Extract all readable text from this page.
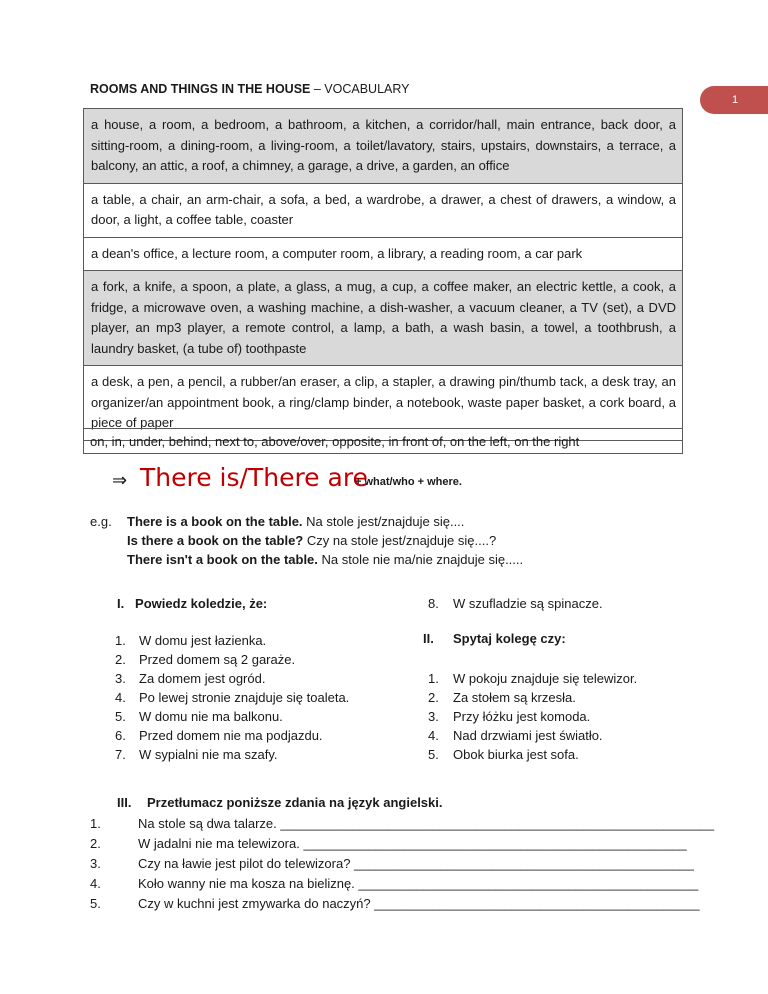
ROOMS AND THINGS IN THE HOUSE – VOCABULARY
1
a house, a room, a bedroom, a bathroom, a kitchen, a corridor/hall, main entrance, back door, a sitting-room, a dining-room, a living-room, a toilet/lavatory, stairs, upstairs, downstairs, a terrace, a balcony, an attic, a roof, a chimney, a garage, a drive, a garden, an office
a table, a chair, an arm-chair, a sofa, a bed, a wardrobe, a drawer, a chest of drawers, a window, a door, a light, a coffee table, coaster
a dean's office, a lecture room, a computer room, a library, a reading room, a car park
a fork, a knife, a spoon, a plate, a glass, a mug, a cup, a coffee maker, an electric kettle, a cook, a fridge, a microwave oven, a washing machine, a dish-washer, a vacuum cleaner, a TV (set), a DVD player, an mp3 player, a remote control, a lamp, a bath, a wash basin, a towel, a toothbrush, a laundry basket, (a tube of) toothpaste
a desk, a pen, a pencil, a rubber/an eraser, a clip, a stapler, a drawing pin/thumb tack, a desk tray, an organizer/an appointment book, a ring/clamp binder, a notebook, waste paper basket, a cork board, a piece of paper
on, in, under, behind, next to, above/over, opposite, in front of, on the left, on the right
⇒ There is/There are
+ what/who + where.
e.g. There is a book on the table. Na stole jest/znajduje się....
Is there a book on the table? Czy na stole jest/znajduje się....?
There isn't a book on the table. Na stole nie ma/nie znajduje się.....
I.   Powiedz koledzie, że:
1. W domu jest łazienka.
2. Przed domem są 2 garaże.
3. Za domem jest ogród.
4. Po lewej stronie znajduje się toaleta.
5. W domu nie ma balkonu.
6. Przed domem nie ma podjazdu.
7. W sypialni nie ma szafy.
8. W szufladzie są spinacze.
II. Spytaj kolegę czy:
1. W pokoju znajduje się telewizor.
2. Za stołem są krzesła.
3. Przy łóżku jest komoda.
4. Nad drzwiami jest światło.
5. Obok biurka jest sofa.
III. Przetłumacz poniższe zdania na język angielski.
1.	Na stole są dwa talarze. ____________________________________________________________
2.	W jadalni nie ma telewizora. _____________________________________________________
3.	Czy na ławie jest pilot do telewizora? _______________________________________________
4.	Koło wanny nie ma kosza na bieliznę. _______________________________________________
5.	Czy w kuchni jest zmywarka do naczyń? _____________________________________________
